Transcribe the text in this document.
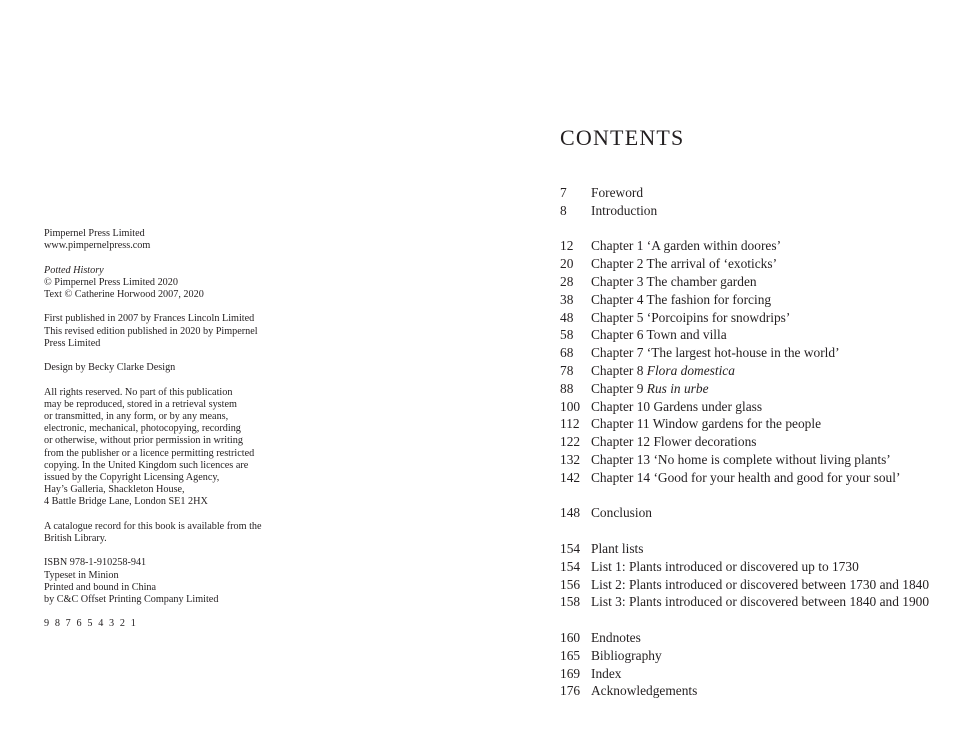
Pimpernel Press Limited
www.pimpernelpress.com
Potted History
© Pimpernel Press Limited 2020
Text © Catherine Horwood 2007, 2020
First published in 2007 by Frances Lincoln Limited
This revised edition published in 2020 by Pimpernel
Press Limited
Design by Becky Clarke Design
All rights reserved. No part of this publication
may be reproduced, stored in a retrieval system
or transmitted, in any form, or by any means,
electronic, mechanical, photocopying, recording
or otherwise, without prior permission in writing
from the publisher or a licence permitting restricted
copying. In the United Kingdom such licences are
issued by the Copyright Licensing Agency,
Hay’s Galleria, Shackleton House,
4 Battle Bridge Lane, London SE1 2HX
A catalogue record for this book is available from the
British Library.
ISBN 978-1-910258-941
Typeset in Minion
Printed and bound in China
by C&C Offset Printing Company Limited
9 8 7 6 5 4 3 2 1
CONTENTS
7	Foreword
8	Introduction
12	Chapter 1 ‘A garden within doores’
20	Chapter 2 The arrival of ‘exoticks’
28	Chapter 3 The chamber garden
38	Chapter 4 The fashion for forcing
48	Chapter 5 ‘Porcoipins for snowdrips’
58	Chapter 6 Town and villa
68	Chapter 7 ‘The largest hot-house in the world’
78	Chapter 8 Flora domestica
88	Chapter 9 Rus in urbe
100 Chapter 10 Gardens under glass
112 Chapter 11 Window gardens for the people
122 Chapter 12 Flower decorations
132 Chapter 13 ‘No home is complete without living plants’
142 Chapter 14 ‘Good for your health and good for your soul’
148 Conclusion
154 Plant lists
154 List 1: Plants introduced or discovered up to 1730
156 List 2: Plants introduced or discovered between 1730 and 1840
158 List 3: Plants introduced or discovered between 1840 and 1900
160 Endnotes
165 Bibliography
169 Index
176 Acknowledgements
